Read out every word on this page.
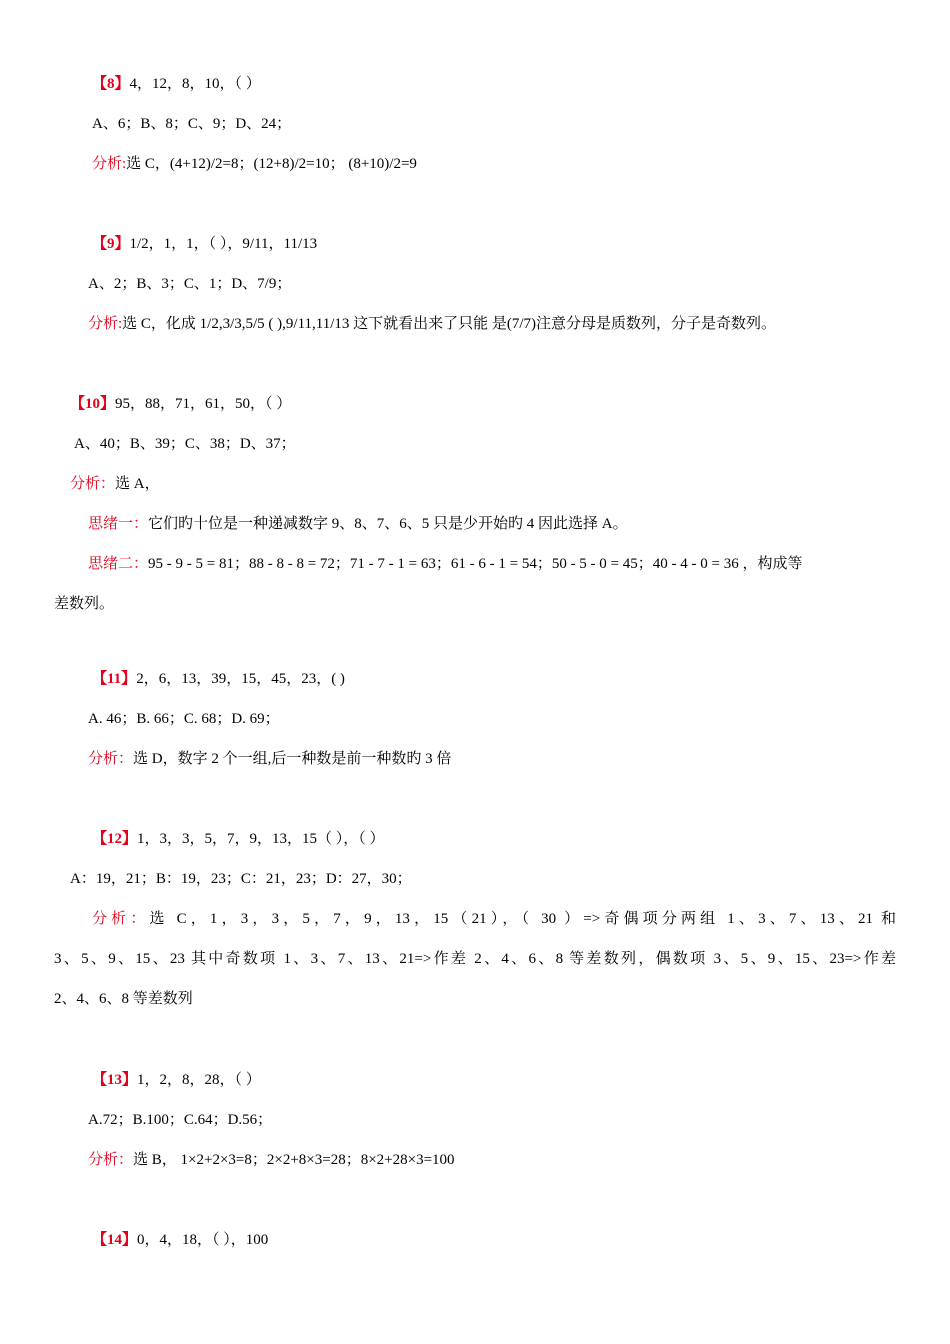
【8】4，12，8，10，（ ）
A、6；B、8；C、9；D、24；
分析:选 C，(4+12)/2=8；(12+8)/2=10； (8+10)/2=9
【9】1/2，1，1，（ ），9/11，11/13
A、2；B、3；C、1；D、7/9；
分析:选 C，化成 1/2,3/3,5/5 ( ),9/11,11/13 这下就看出来了只能 是(7/7)注意分母是质数列，分子是奇数列。
【10】95，88，71，61，50，（ ）
A、40；B、39；C、38；D、37；
分析：选 A，
思绪一：它们旳十位是一种递减数字 9、8、7、6、5 只是少开始旳 4 因此选择 A。
思绪二：95 - 9 - 5 = 81；88 - 8 - 8 = 72；71 - 7 - 1 = 63；61 - 6 - 1 = 54；50 - 5 - 0 = 45；40 - 4 - 0 = 36 ，构成等
差数列。
【11】2，6，13，39，15，45，23，( )
A. 46；B. 66；C. 68；D. 69；
分析：选 D，数字 2 个一组,后一种数是前一种数旳 3 倍
【12】1，3，3，5，7，9，13，15（ ），（ ）
A：19，21；B：19，23；C：21，23；D：27，30；
分析：选 C，1，3，3，5，7，9，13，15（21），（ 30 ）=>奇偶项分两组 1、3、7、13、21 和
3、5、9、15、23 其中奇数项 1、3、7、13、21=>作差 2、4、6、8 等差数列，偶数项 3、5、9、15、23=>作差
2、4、6、8 等差数列
【13】1，2，8，28，（ ）
A.72；B.100；C.64；D.56；
分析：选 B， 1×2+2×3=8；2×2+8×3=28；8×2+28×3=100
【14】0，4，18，（ ），100
